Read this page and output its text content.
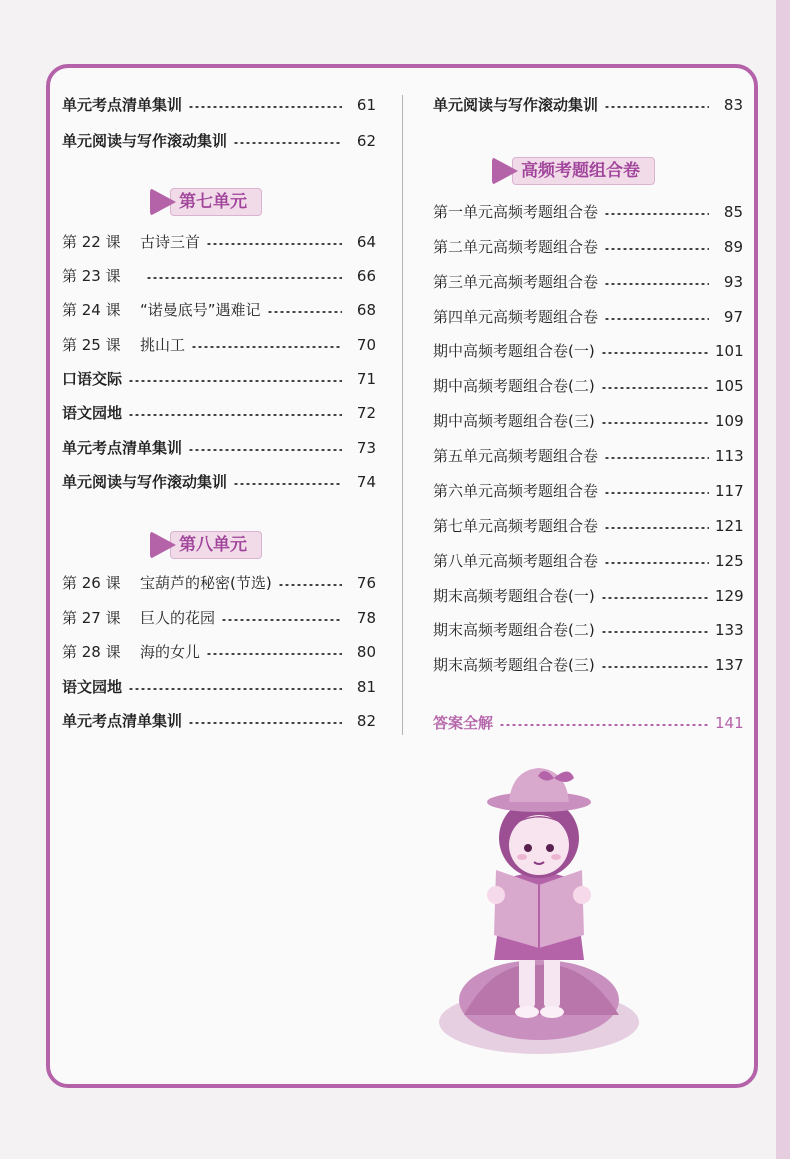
单元考点清单集训	61
单元阅读与写作滚动集训	62
第七单元
第 22 课	古诗三首	64
第 23 课	66
第 24 课	“诺曼底号”遇难记	68
第 25 课	挑山工	70
口语交际	71
语文园地	72
单元考点清单集训	73
单元阅读与写作滚动集训	74
第八单元
第 26 课	宝葫芦的秘密(节选)	76
第 27 课	巨人的花园	78
第 28 课	海的女儿	80
语文园地	81
单元考点清单集训	82
单元阅读与写作滚动集训	83
高频考题组合卷
第一单元高频考题组合卷	85
第二单元高频考题组合卷	89
第三单元高频考题组合卷	93
第四单元高频考题组合卷	97
期中高频考题组合卷(一)	101
期中高频考题组合卷(二)	105
期中高频考题组合卷(三)	109
第五单元高频考题组合卷	113
第六单元高频考题组合卷	117
第七单元高频考题组合卷	121
第八单元高频考题组合卷	125
期末高频考题组合卷(一)	129
期末高频考题组合卷(二)	133
期末高频考题组合卷(三)	137
答案全解	141
